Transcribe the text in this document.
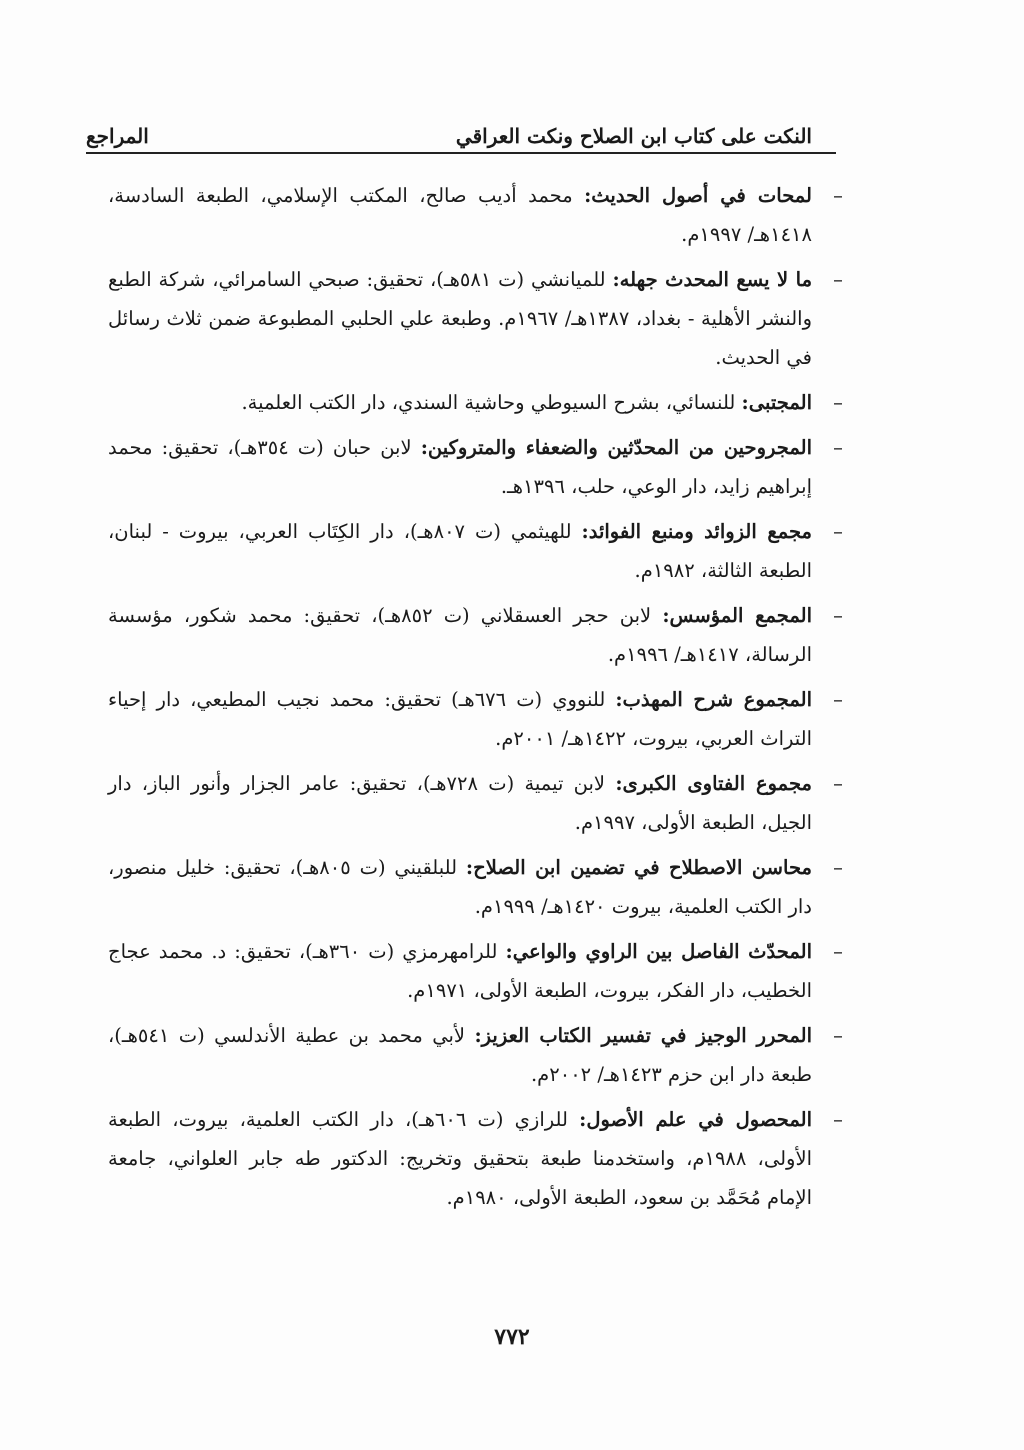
النكت على كتاب ابن الصلاح ونكت العراقي
المراجع
–
لمحات في أصول الحديث: محمد أديب صالح، المكتب الإسلامي، الطبعة السادسة، ١٤١٨هـ/ ١٩٩٧م.
–
ما لا يسع المحدث جهله: للميانشي (ت ٥٨١هـ)، تحقيق: صبحي السامرائي، شركة الطبع والنشر الأهلية - بغداد، ١٣٨٧هـ/ ١٩٦٧م. وطبعة علي الحلبي المطبوعة ضمن ثلاث رسائل في الحديث.
–
المجتبى: للنسائي، بشرح السيوطي وحاشية السندي، دار الكتب العلمية.
–
المجروحين من المحدّثين والضعفاء والمتروكين: لابن حبان (ت ٣٥٤هـ)، تحقيق: محمد إبراهيم زايد، دار الوعي، حلب، ١٣٩٦هـ.
–
مجمع الزوائد ومنبع الفوائد: للهيثمي (ت ٨٠٧هـ)، دار الكِتَاب العربي، بيروت - لبنان، الطبعة الثالثة، ١٩٨٢م.
–
المجمع المؤسس: لابن حجر العسقلاني (ت ٨٥٢هـ)، تحقيق: محمد شكور، مؤسسة الرسالة، ١٤١٧هـ/ ١٩٩٦م.
–
المجموع شرح المهذب: للنووي (ت ٦٧٦هـ) تحقيق: محمد نجيب المطيعي، دار إحياء التراث العربي، بيروت، ١٤٢٢هـ/ ٢٠٠١م.
–
مجموع الفتاوى الكبرى: لابن تيمية (ت ٧٢٨هـ)، تحقيق: عامر الجزار وأنور الباز، دار الجيل، الطبعة الأولى، ١٩٩٧م.
–
محاسن الاصطلاح في تضمين ابن الصلاح: للبلقيني (ت ٨٠٥هـ)، تحقيق: خليل منصور، دار الكتب العلمية، بيروت ١٤٢٠هـ/ ١٩٩٩م.
–
المحدّث الفاصل بين الراوي والواعي: للرامهرمزي (ت ٣٦٠هـ)، تحقيق: د. محمد عجاج الخطيب، دار الفكر، بيروت، الطبعة الأولى، ١٩٧١م.
–
المحرر الوجيز في تفسير الكتاب العزيز: لأبي محمد بن عطية الأندلسي (ت ٥٤١هـ)، طبعة دار ابن حزم ١٤٢٣هـ/ ٢٠٠٢م.
–
المحصول في علم الأصول: للرازي (ت ٦٠٦هـ)، دار الكتب العلمية، بيروت، الطبعة الأولى، ١٩٨٨م، واستخدمنا طبعة بتحقيق وتخريج: الدكتور طه جابر العلواني، جامعة الإمام مُحَمَّد بن سعود، الطبعة الأولى، ١٩٨٠م.
٧٧٢
